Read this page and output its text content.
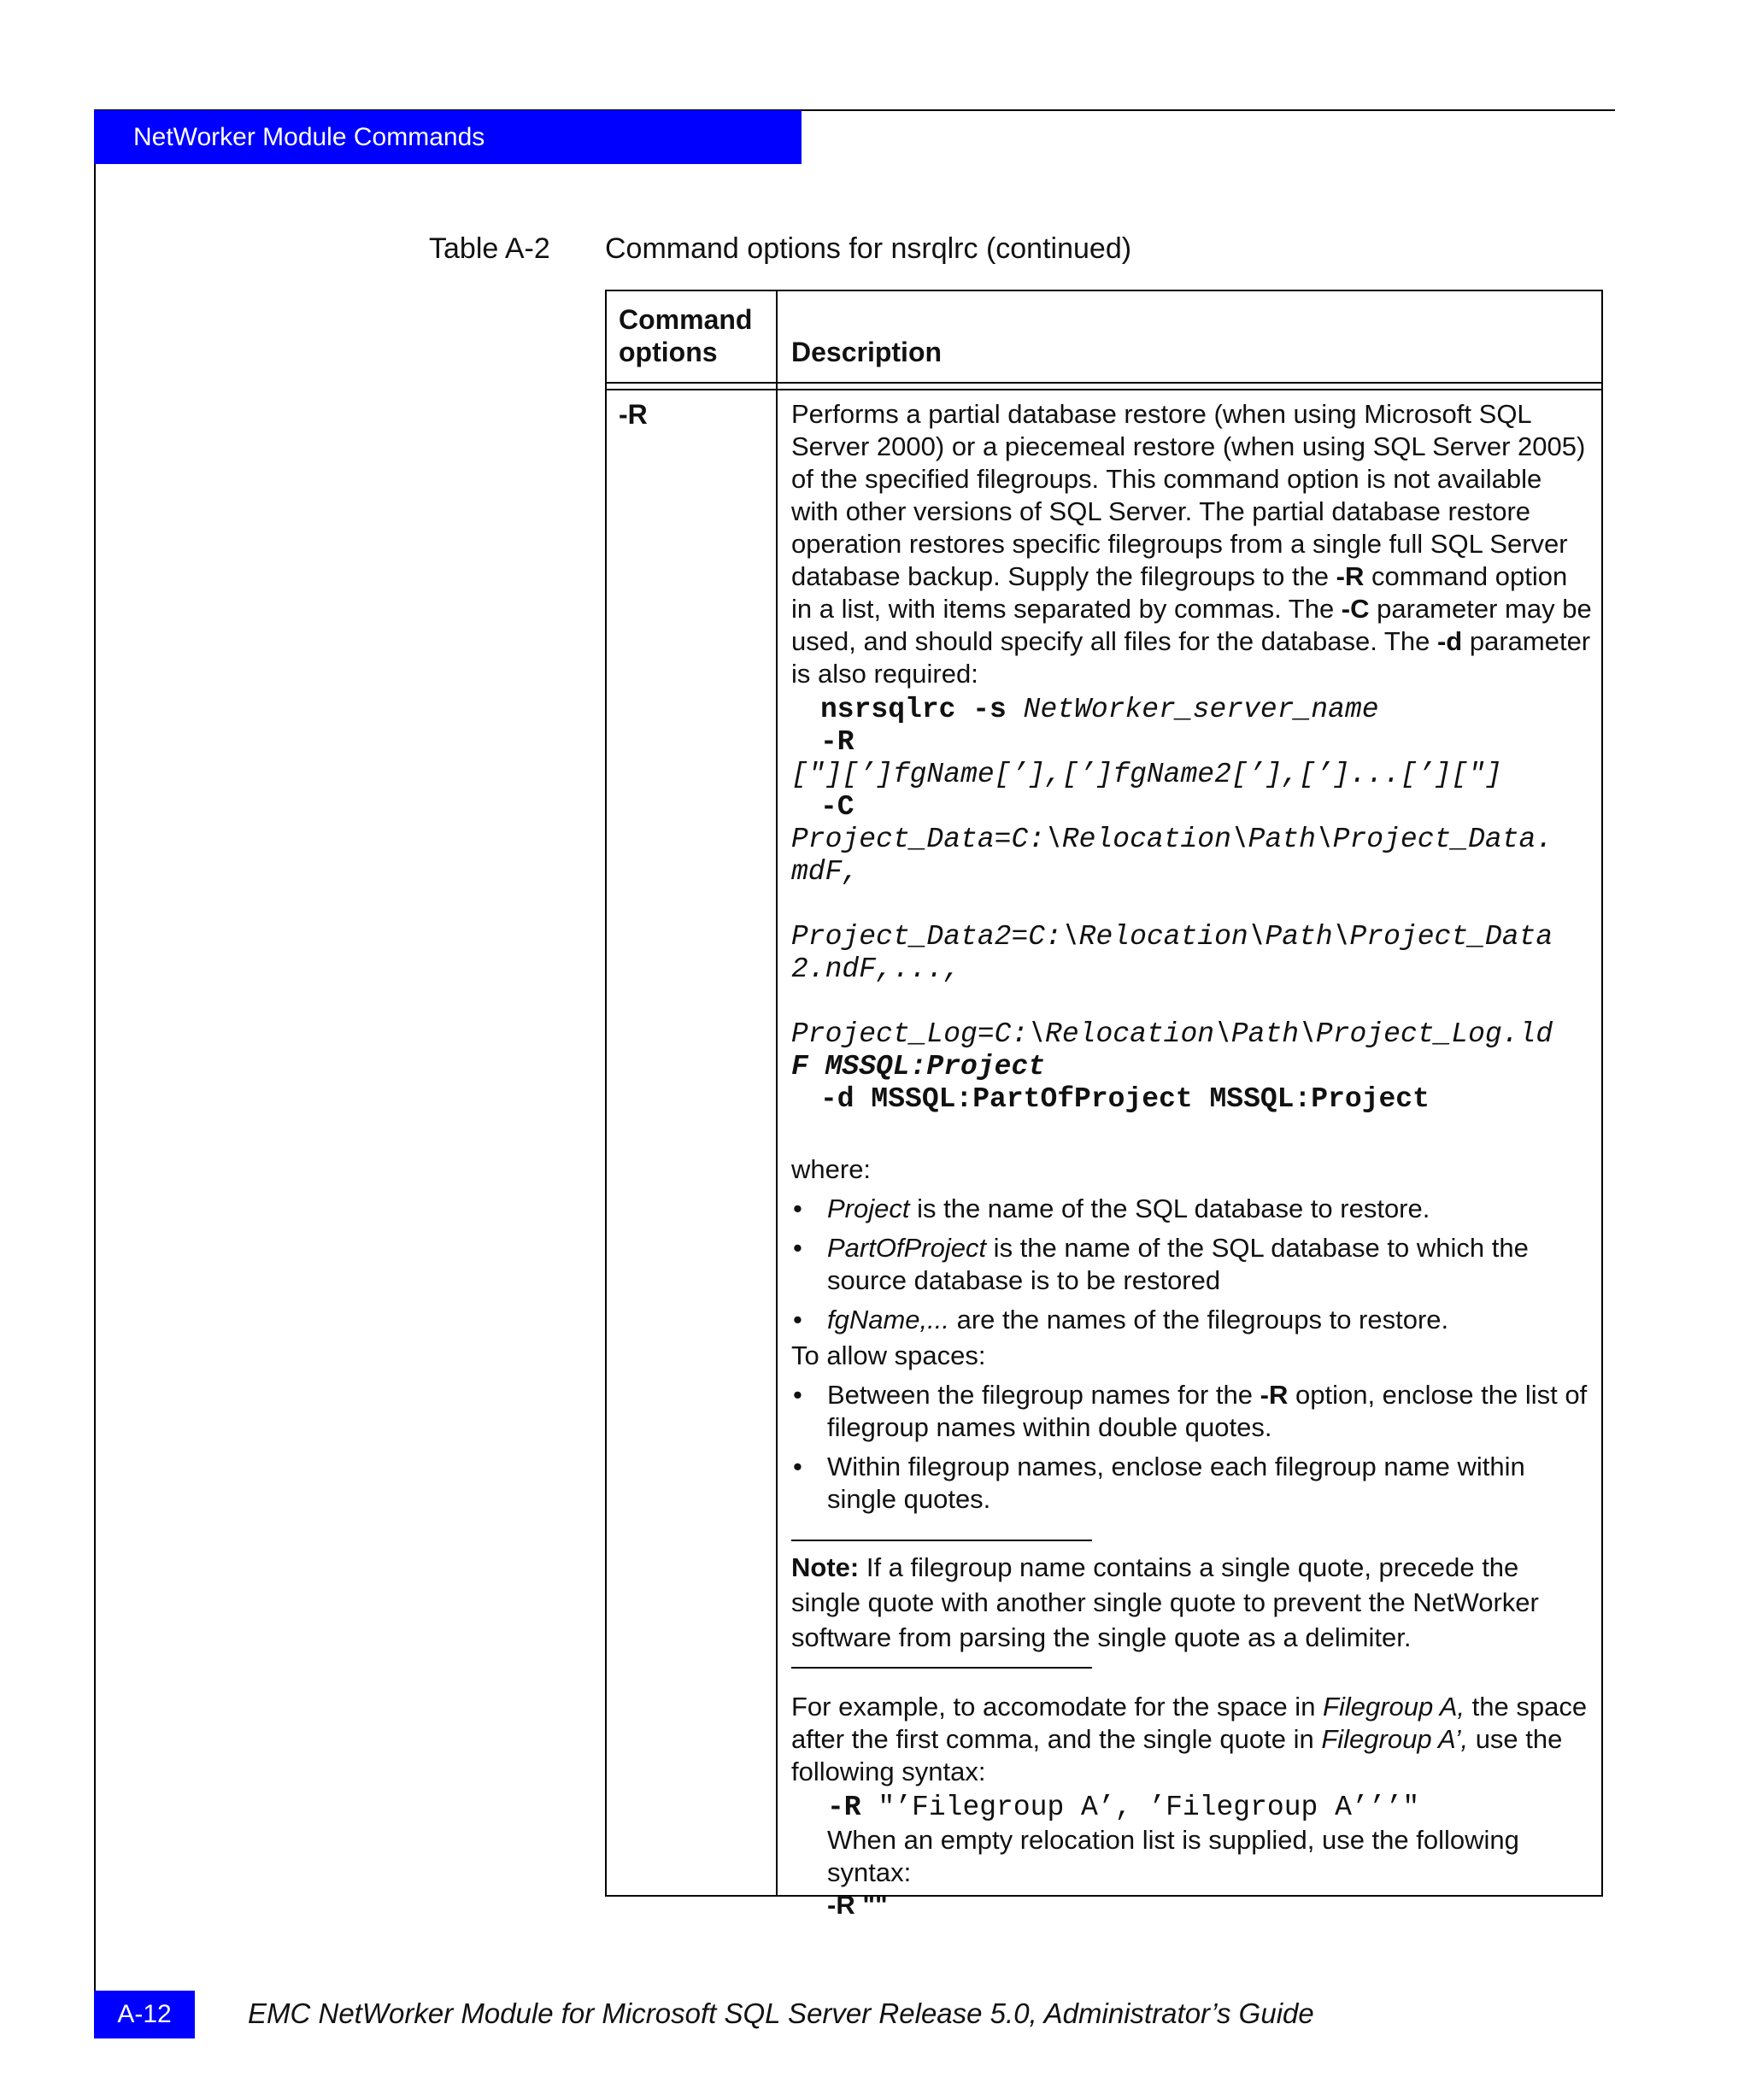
NetWorker Module Commands
Table A-2 Command options for nsrqlrc (continued)
Command options	Description
-R	Performs a partial database restore (when using Microsoft SQL Server 2000) or a piecemeal restore (when using SQL Server 2005) of the specified filegroups. This command option is not available with other versions of SQL Server. The partial database restore operation restores specific filegroups from a single full SQL Server database backup. Supply the filegroups to the -R command option in a list, with items separated by commas. The -C parameter may be used, and should specify all files for the database. The -d parameter is also required:

nsrsqlrc -s NetWorker_server_name
-R
["][’]fgName[’],[’]fgName2[’],[’]...[’]["]
-C
Project_Data=C:\Relocation\Path\Project_Data.
mdF,
Project_Data2=C:\Relocation\Path\Project_Data
2.ndF,...,
Project_Log=C:\Relocation\Path\Project_Log.ld
F MSSQL:Project
-d MSSQL:PartOfProject MSSQL:Project

where:

• Project is the name of the SQL database to restore.
• PartOfProject is the name of the SQL database to which the source database is to be restored
• fgName,... are the names of the filegroups to restore.

To allow spaces:

• Between the filegroup names for the -R option, enclose the list of filegroup names within double quotes.
• Within filegroup names, enclose each filegroup name within single quotes.

Note: If a filegroup name contains a single quote, precede the single quote with another single quote to prevent the NetWorker software from parsing the single quote as a delimiter.

For example, to accomodate for the space in Filegroup A, the space after the first comma, and the single quote in Filegroup A’, use the following syntax:

-R "’Filegroup A’, ’Filegroup A’’’"

When an empty relocation list is supplied, use the following syntax:

-R ""

A-12	EMC NetWorker Module for Microsoft SQL Server Release 5.0, Administrator’s Guide
